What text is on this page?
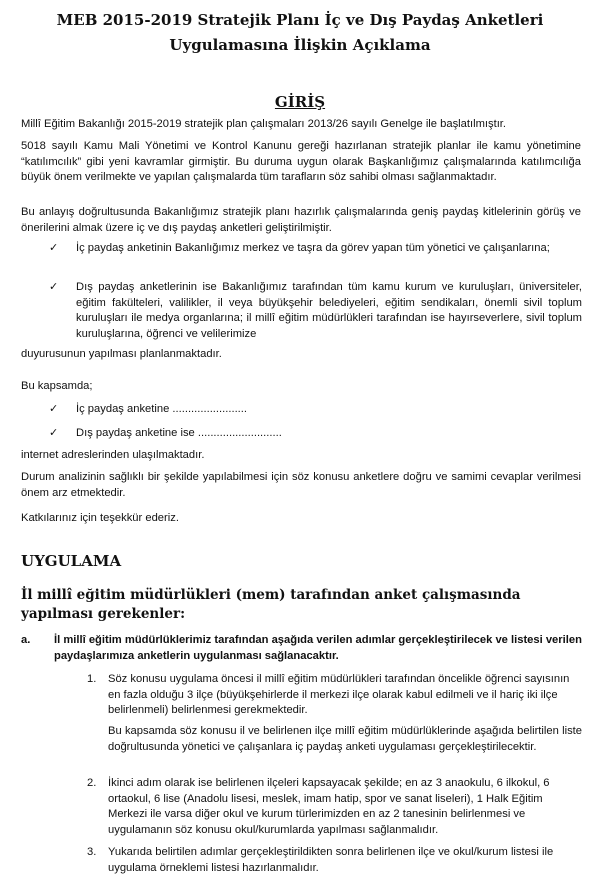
MEB 2015-2019 Stratejik Planı İç ve Dış Paydaş Anketleri
Uygulamasına İlişkin Açıklama
GİRİŞ
Millî Eğitim Bakanlığı 2015-2019 stratejik plan çalışmaları 2013/26 sayılı Genelge ile başlatılmıştır.
5018 sayılı Kamu Mali Yönetimi ve Kontrol Kanunu gereği hazırlanan stratejik planlar ile kamu yönetimine “katılımcılık” gibi yeni kavramlar girmiştir. Bu duruma uygun olarak Başkanlığımız çalışmalarında katılımcılığa büyük önem verilmekte ve yapılan çalışmalarda tüm tarafların söz sahibi olması sağlanmaktadır.
Bu anlayış doğrultusunda Bakanlığımız stratejik planı hazırlık çalışmalarında geniş paydaş kitlelerinin görüş ve önerilerini almak üzere iç ve dış paydaş anketleri geliştirilmiştir.
✓ İç paydaş anketinin Bakanlığımız merkez ve taşra da görev yapan tüm yönetici ve çalışanlarına;
✓ Dış paydaş anketlerinin ise Bakanlığımız tarafından tüm kamu kurum ve kuruluşları, üniversiteler, eğitim fakülteleri, valilikler, il veya büyükşehir belediyeleri, eğitim sendikaları, önemli sivil toplum kuruluşları ile medya organlarına; il millî eğitim müdürlükleri tarafından ise hayırseverlere, sivil toplum kuruluşlarına, öğrenci ve velilerimize
duyurusunun yapılması planlanmaktadır.
Bu kapsamda;
✓ İç paydaş anketine ........................
✓ Dış paydaş anketine ise ...........................
internet adreslerinden ulaşılmaktadır.
Durum analizinin sağlıklı bir şekilde yapılabilmesi için söz konusu anketlere doğru ve samimi cevaplar verilmesi önem arz etmektedir.
Katkılarınız için teşekkür ederiz.
UYGULAMA
İl millî eğitim müdürlükleri (mem) tarafından anket çalışmasında yapılması gerekenler:
a. İl millî eğitim müdürlüklerimiz tarafından aşağıda verilen adımlar gerçekleştirilecek ve listesi verilen paydaşlarımıza anketlerin uygulanması sağlanacaktır.
1. Söz konusu uygulama öncesi il millî eğitim müdürlükleri tarafından öncelikle öğrenci sayısının en fazla olduğu 3 ilçe (büyükşehirlerde il merkezi ilçe olarak kabul edilmeli ve il hariç iki ilçe belirlenmeli) belirlenmesi gerekmektedir.
Bu kapsamda söz konusu il ve belirlenen ilçe millî eğitim müdürlüklerinde aşağıda belirtilen liste doğrultusunda yönetici ve çalışanlara iç paydaş anketi uygulaması gerçekleştirilecektir.
2. İkinci adım olarak ise belirlenen ilçeleri kapsayacak şekilde; en az 3 anaokulu, 6 ilkokul, 6 ortaokul, 6 lise (Anadolu lisesi, meslek, imam hatip, spor ve sanat liseleri), 1 Halk Eğitim Merkezi ile varsa diğer okul ve kurum türlerimizden en az 2 tanesinin belirlenmesi ve uygulamanın söz konusu okul/kurumlarda yapılması sağlanmalıdır.
3. Yukarıda belirtilen adımlar gerçekleştirildikten sonra belirlenen ilçe ve okul/kurum listesi ile uygulama örneklemi listesi hazırlanmalıdır.
